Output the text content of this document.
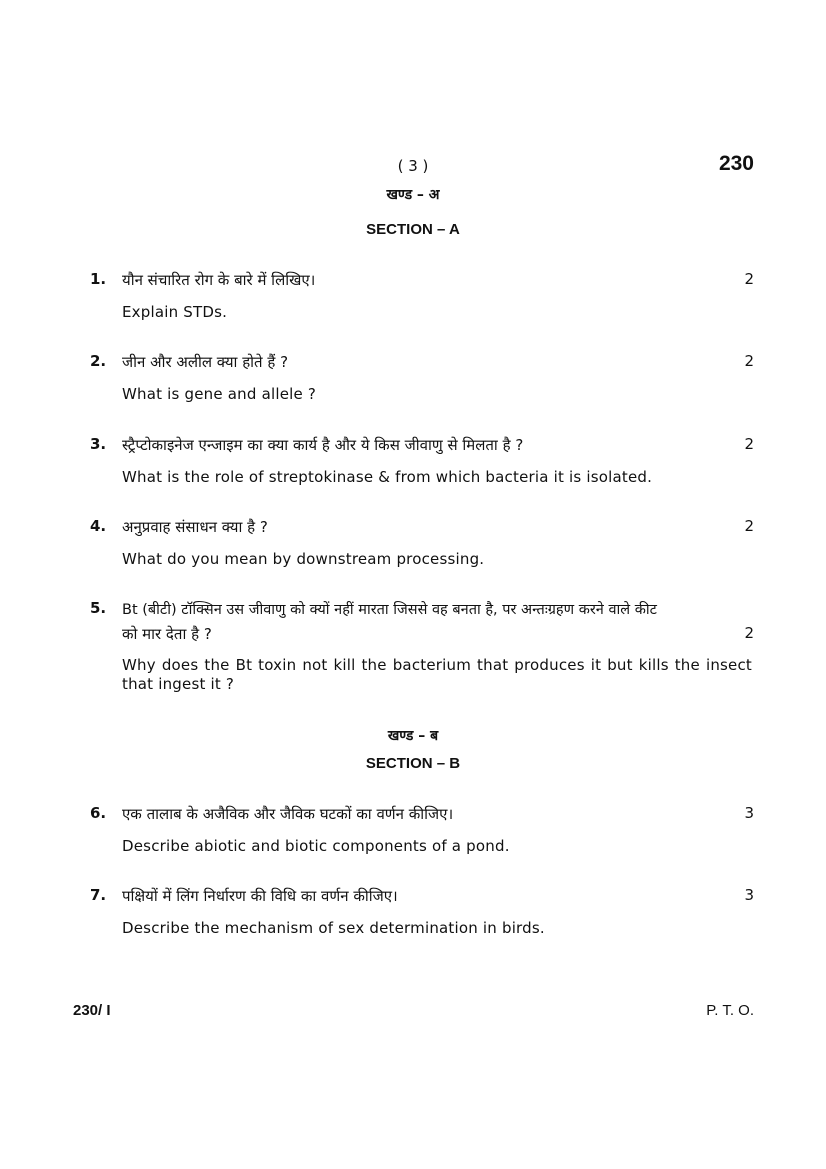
( 3 )	230
खण्ड – अ
SECTION – A
1. यौन संचारित रोग के बारे में लिखिए।	2
Explain STDs.
2. जीन और अलील क्या होते हैं ?	2
What is gene and allele ?
3. स्ट्रैप्टोकाइनेज एन्जाइम का क्या कार्य है और ये किस जीवाणु से मिलता है ?	2
What is the role of streptokinase & from which bacteria it is isolated.
4. अनुप्रवाह संसाधन क्या है ?	2
What do you mean by downstream processing.
5. Bt (बीटी) टॉक्सिन उस जीवाणु को क्यों नहीं मारता जिससे वह बनता है, पर अन्तःग्रहण करने वाले कीट
को मार देता है ?	2
Why does the Bt toxin not kill the bacterium that produces it but kills the insect that ingest it ?
खण्ड – ब
SECTION – B
6. एक तालाब के अजैविक और जैविक घटकों का वर्णन कीजिए।	3
Describe abiotic and biotic components of a pond.
7. पक्षियों में लिंग निर्धारण की विधि का वर्णन कीजिए।	3
Describe the mechanism of sex determination in birds.
230/ I	P. T. O.
